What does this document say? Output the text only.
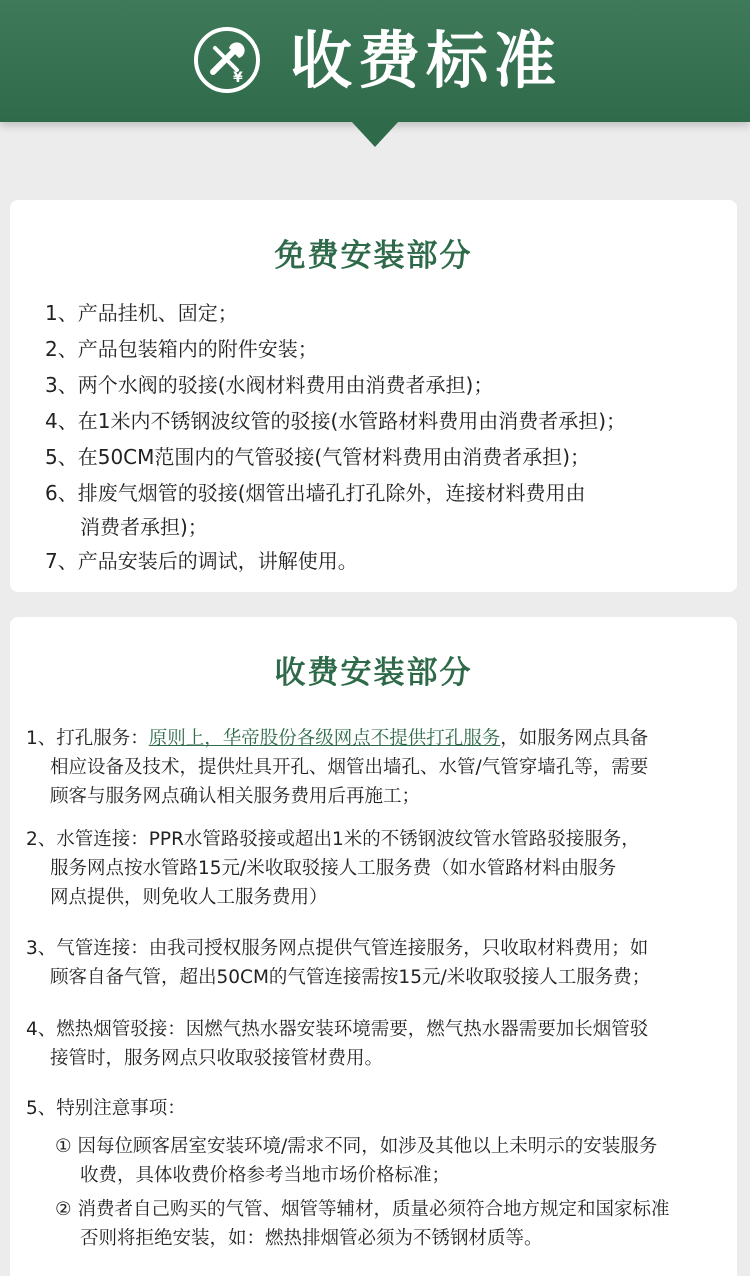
¥ 收费标准
免费安装部分
1、产品挂机、固定；
2、产品包装箱内的附件安装；
3、两个水阀的驳接(水阀材料费用由消费者承担)；
4、在1米内不锈钢波纹管的驳接(水管路材料费用由消费者承担)；
5、在50CM范围内的气管驳接(气管材料费用由消费者承担)；
6、排废气烟管的驳接(烟管出墙孔打孔除外，连接材料费用由
消费者承担)；
7、产品安装后的调试，讲解使用。
收费安装部分
1、打孔服务：原则上，华帝股份各级网点不提供打孔服务，如服务网点具备
相应设备及技术，提供灶具开孔、烟管出墙孔、水管/气管穿墙孔等，需要
顾客与服务网点确认相关服务费用后再施工；
2、水管连接：PPR水管路驳接或超出1米的不锈钢波纹管水管路驳接服务，
服务网点按水管路15元/米收取驳接人工服务费（如水管路材料由服务
网点提供，则免收人工服务费用）
3、气管连接：由我司授权服务网点提供气管连接服务，只收取材料费用；如
顾客自备气管，超出50CM的气管连接需按15元/米收取驳接人工服务费；
4、燃热烟管驳接：因燃气热水器安装环境需要，燃气热水器需要加长烟管驳
接管时，服务网点只收取驳接管材费用。
5、特别注意事项：
① 因每位顾客居室安装环境/需求不同，如涉及其他以上未明示的安装服务
收费，具体收费价格参考当地市场价格标准；
② 消费者自己购买的气管、烟管等辅材，质量必须符合地方规定和国家标准
否则将拒绝安装，如：燃热排烟管必须为不锈钢材质等。
